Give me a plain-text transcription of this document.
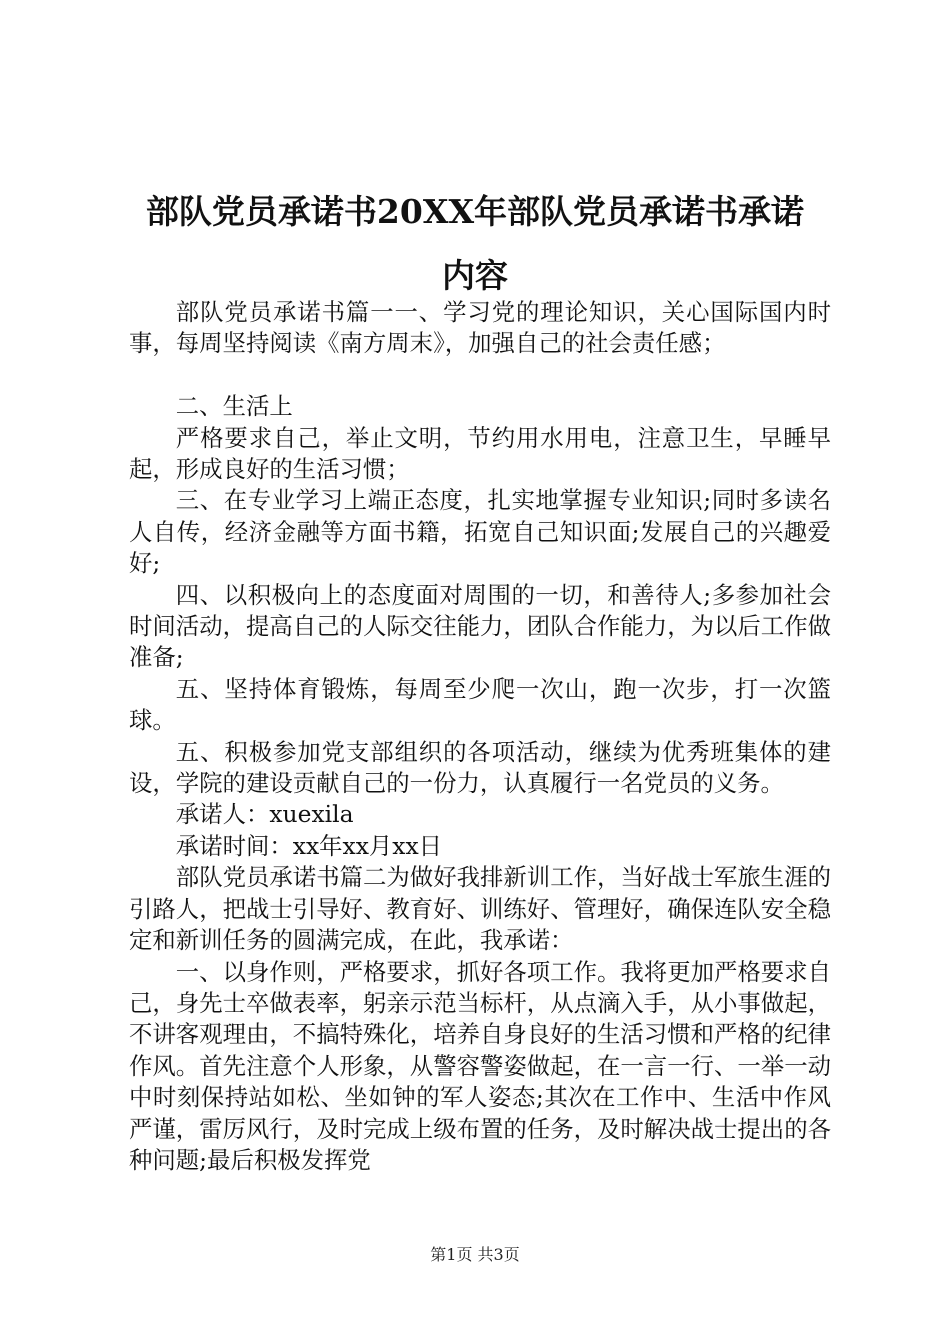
部队党员承诺书20XX年部队党员承诺书承诺
内容

部队党员承诺书篇一一、学习党的理论知识，关心国际国内时事，每周坚持阅读《南方周末》，加强自己的社会责任感；

二、生活上

严格要求自己，举止文明，节约用水用电，注意卫生，早睡早起，形成良好的生活习惯；

三、在专业学习上端正态度，扎实地掌握专业知识;同时多读名人自传，经济金融等方面书籍，拓宽自己知识面;发展自己的兴趣爱好;

四、以积极向上的态度面对周围的一切，和善待人;多参加社会时间活动，提高自己的人际交往能力，团队合作能力，为以后工作做准备;

五、坚持体育锻炼，每周至少爬一次山，跑一次步，打一次篮球。

五、积极参加党支部组织的各项活动，继续为优秀班集体的建设，学院的建设贡献自己的一份力，认真履行一名党员的义务。

承诺人：xuexila

承诺时间：xx年xx月xx日

部队党员承诺书篇二为做好我排新训工作，当好战士军旅生涯的引路人，把战士引导好、教育好、训练好、管理好，确保连队安全稳定和新训任务的圆满完成，在此，我承诺：

一、以身作则，严格要求，抓好各项工作。我将更加严格要求自己，身先士卒做表率，躬亲示范当标杆，从点滴入手，从小事做起，不讲客观理由，不搞特殊化，培养自身良好的生活习惯和严格的纪律作风。首先注意个人形象，从警容警姿做起，在一言一行、一举一动中时刻保持站如松、坐如钟的军人姿态;其次在工作中、生活中作风严谨，雷厉风行，及时完成上级布置的任务，及时解决战士提出的各种问题;最后积极发挥党

第1页 共3页
